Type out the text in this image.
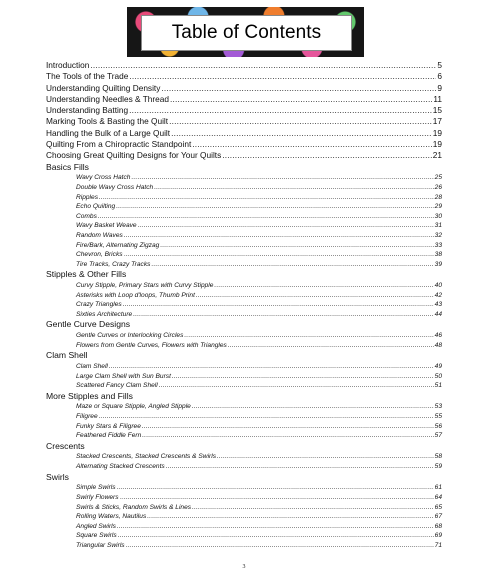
Table of Contents
Introduction .....	5
The Tools of the Trade .....	6
Understanding Quilting Density .....	9
Understanding Needles & Thread .....	11
Understanding Batting .....	15
Marking Tools & Basting the Quilt .....	17
Handling the Bulk of a Large Quilt .....	19
Quilting From a Chiropractic Standpoint .....	19
Choosing Great Quilting Designs for Your Quilts .....	21
Basics Fills
Wavy Cross Hatch .....	25
Double Wavy Cross Hatch .....	26
Ripples .....	28
Echo Quilting .....	29
Combs .....	30
Wavy Basket Weave .....	31
Random Waves .....	32
Fire/Bark, Alternating Zigzag .....	33
Chevron, Bricks .....	38
Tire Tracks, Crazy Tracks .....	39
Stipples & Other Fills
Curvy Stipple, Primary Stars with Curvy Stipple .....	40
Asterisks with Loop d'loops, Thumb Print .....	42
Crazy Triangles .....	43
Sixties Architecture .....	44
Gentle Curve Designs
Gentle Curves or Interlocking Circles .....	46
Flowers from Gentle Curves, Flowers with Triangles .....	48
Clam Shell
Clam Shell .....	49
Large Clam Shell with Sun Burst .....	50
Scattered Fancy Clam Shell .....	51
More Stipples and Fills
Maze or Square Stipple, Angled Stipple .....	53
Filigree .....	55
Funky Stars & Filigree .....	56
Feathered Fiddle Fern .....	57
Crescents
Stacked Crescents, Stacked Crescents & Swirls .....	58
Alternating Stacked Crescents .....	59
Swirls
Simple Swirls .....	61
Swirly Flowers .....	64
Swirls & Sticks, Random Swirls & Lines .....	65
Rolling Waters, Nautilus .....	67
Angled Swirls .....	68
Square Swirls .....	69
Triangular Swirls .....	71
3
